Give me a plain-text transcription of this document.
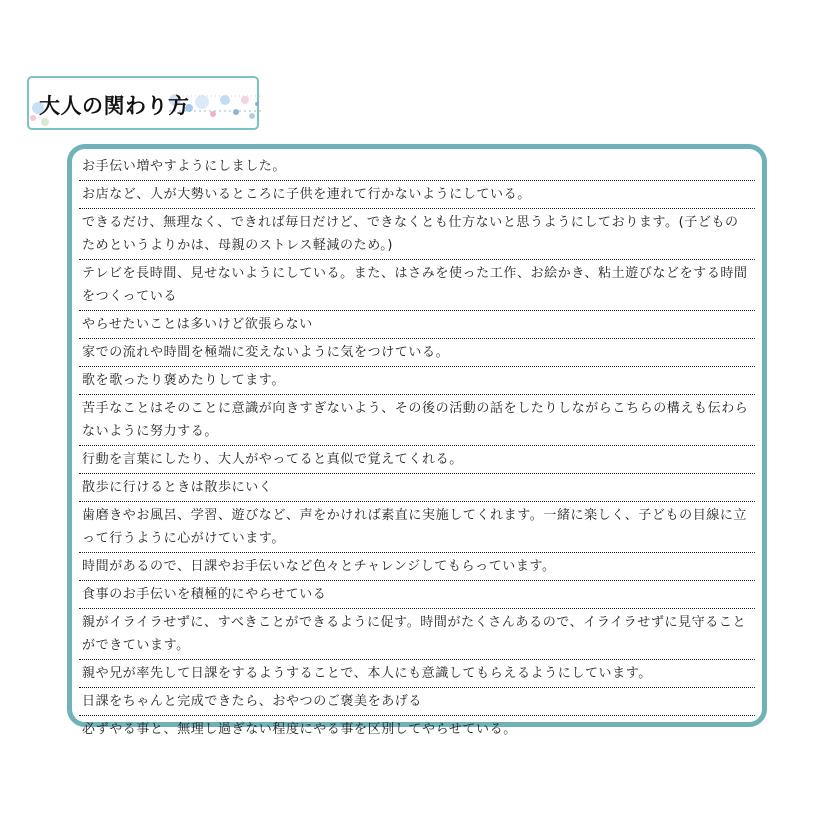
大人の関わり方
お手伝い増やすようにしました。
お店など、人が大勢いるところに子供を連れて行かないようにしている。
できるだけ、無理なく、できれば毎日だけど、できなくとも仕方ないと思うようにしております。(子どものためというよりかは、母親のストレス軽減のため。)
テレビを長時間、見せないようにしている。また、はさみを使った工作、お絵かき、粘土遊びなどをする時間をつくっている
やらせたいことは多いけど欲張らない
家での流れや時間を極端に変えないように気をつけている。
歌を歌ったり褒めたりしてます。
苦手なことはそのことに意識が向きすぎないよう、その後の活動の話をしたりしながらこちらの構えも伝わらないように努力する。
行動を言葉にしたり、大人がやってると真似で覚えてくれる。
散歩に行けるときは散歩にいく
歯磨きやお風呂、学習、遊びなど、声をかければ素直に実施してくれます。一緒に楽しく、子どもの目線に立って行うように心がけています。
時間があるので、日課やお手伝いなど色々とチャレンジしてもらっています。
食事のお手伝いを積極的にやらせている
親がイライラせずに、すべきことができるように促す。時間がたくさんあるので、イライラせずに見守ることができています。
親や兄が率先して日課をするようすることで、本人にも意識してもらえるようにしています。
日課をちゃんと完成できたら、おやつのご褒美をあげる
必ずやる事と、無理し過ぎない程度にやる事を区別してやらせている。
